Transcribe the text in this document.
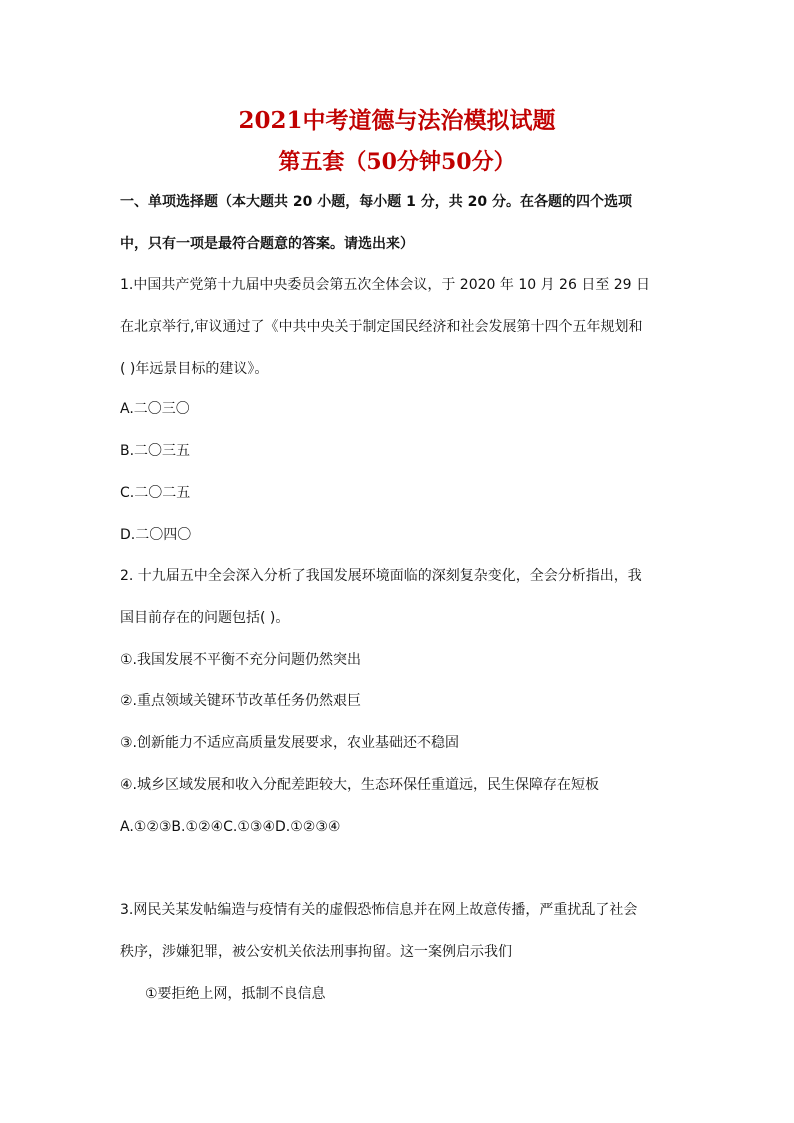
2021中考道德与法治模拟试题
第五套（50分钟50分）
一、单项选择题（本大题共 20 小题，每小题 1 分，共 20 分。在各题的四个选项
中，只有一项是最符合题意的答案。请选出来）
1.中国共产党第十九届中央委员会第五次全体会议，于 2020 年 10 月 26 日至 29 日
在北京举行,审议通过了《中共中央关于制定国民经济和社会发展第十四个五年规划和
( )年远景目标的建议》。
A.二〇三〇
B.二〇三五
C.二〇二五
D.二〇四〇
2. 十九届五中全会深入分析了我国发展环境面临的深刻复杂变化，全会分析指出，我
国目前存在的问题包括( )。
①.我国发展不平衡不充分问题仍然突出
②.重点领域关键环节改革任务仍然艰巨
③.创新能力不适应高质量发展要求，农业基础还不稳固
④.城乡区域发展和收入分配差距较大，生态环保任重道远，民生保障存在短板
A.①②③B.①②④C.①③④D.①②③④
3.网民关某发帖编造与疫情有关的虚假恐怖信息并在网上故意传播，严重扰乱了社会
秩序，涉嫌犯罪，被公安机关依法刑事拘留。这一案例启示我们
①要拒绝上网，抵制不良信息
